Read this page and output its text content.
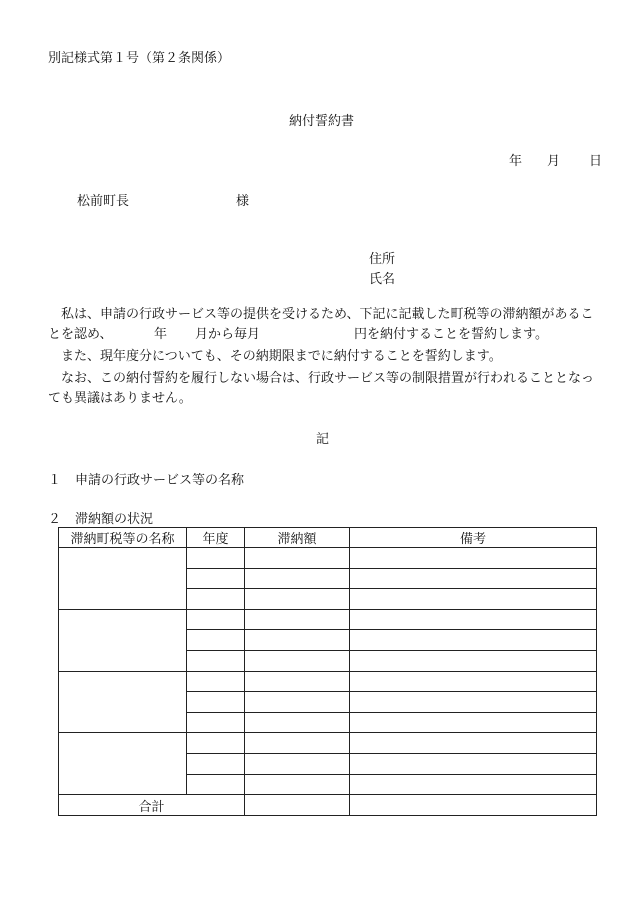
別記様式第１号（第２条関係）
納付誓約書
年 月 日
松前町長	様
住所
氏名
私は、申請の行政サービス等の提供を受けるため、下記に記載した町税等の滞納額があるこ
とを認め、	年 月から毎月	円を納付することを誓約します。
また、現年度分についても、その納期限までに納付することを誓約します。
なお、この納付誓約を履行しない場合は、行政サービス等の制限措置が行われることとなっ
ても異議はありません。
記
１ 申請の行政サービス等の名称
２ 滞納額の状況
滞納町税等の名称	年度	滞納額	備考

合計			
